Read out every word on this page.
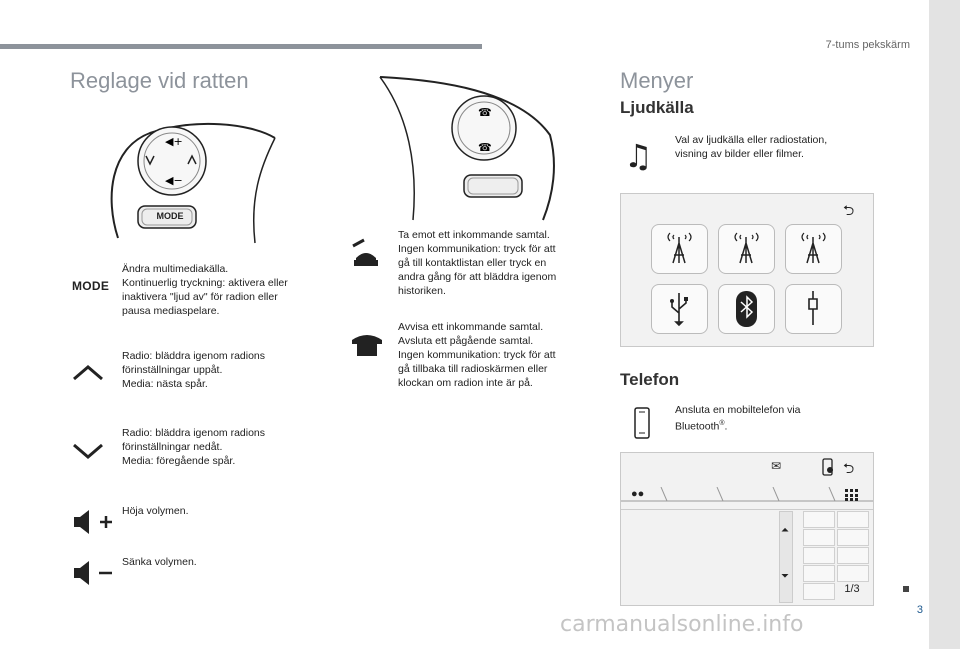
7-tums pekskärm
3
Reglage vid ratten
◀+
◀−
MODE
MODE
Ändra multimediakälla.
Kontinuerlig tryckning: aktivera eller
inaktivera "ljud av" för radion eller
pausa mediaspelare.
Radio: bläddra igenom radions
förinställningar uppåt.
Media: nästa spår.
Radio: bläddra igenom radions
förinställningar nedåt.
Media: föregående spår.
Höja volymen.
Sänka volymen.
☎
☎
Ta emot ett inkommande samtal.
Ingen kommunikation: tryck för att
gå till kontaktlistan eller tryck en
andra gång för att bläddra igenom
historiken.
Avvisa ett inkommande samtal.
Avsluta ett pågående samtal.
Ingen kommunikation: tryck för att
gå tillbaka till radioskärmen eller
klockan om radion inte är på.
Menyer
Ljudkälla
♫ Val av ljudkälla eller radiostation,
visning av bilder eller filmer.
⮌
Telefon
Ansluta en mobiltelefon via
Bluetooth®.
✉	⮌
●●
⏶
⏷
1/3
carmanualsonline.info
